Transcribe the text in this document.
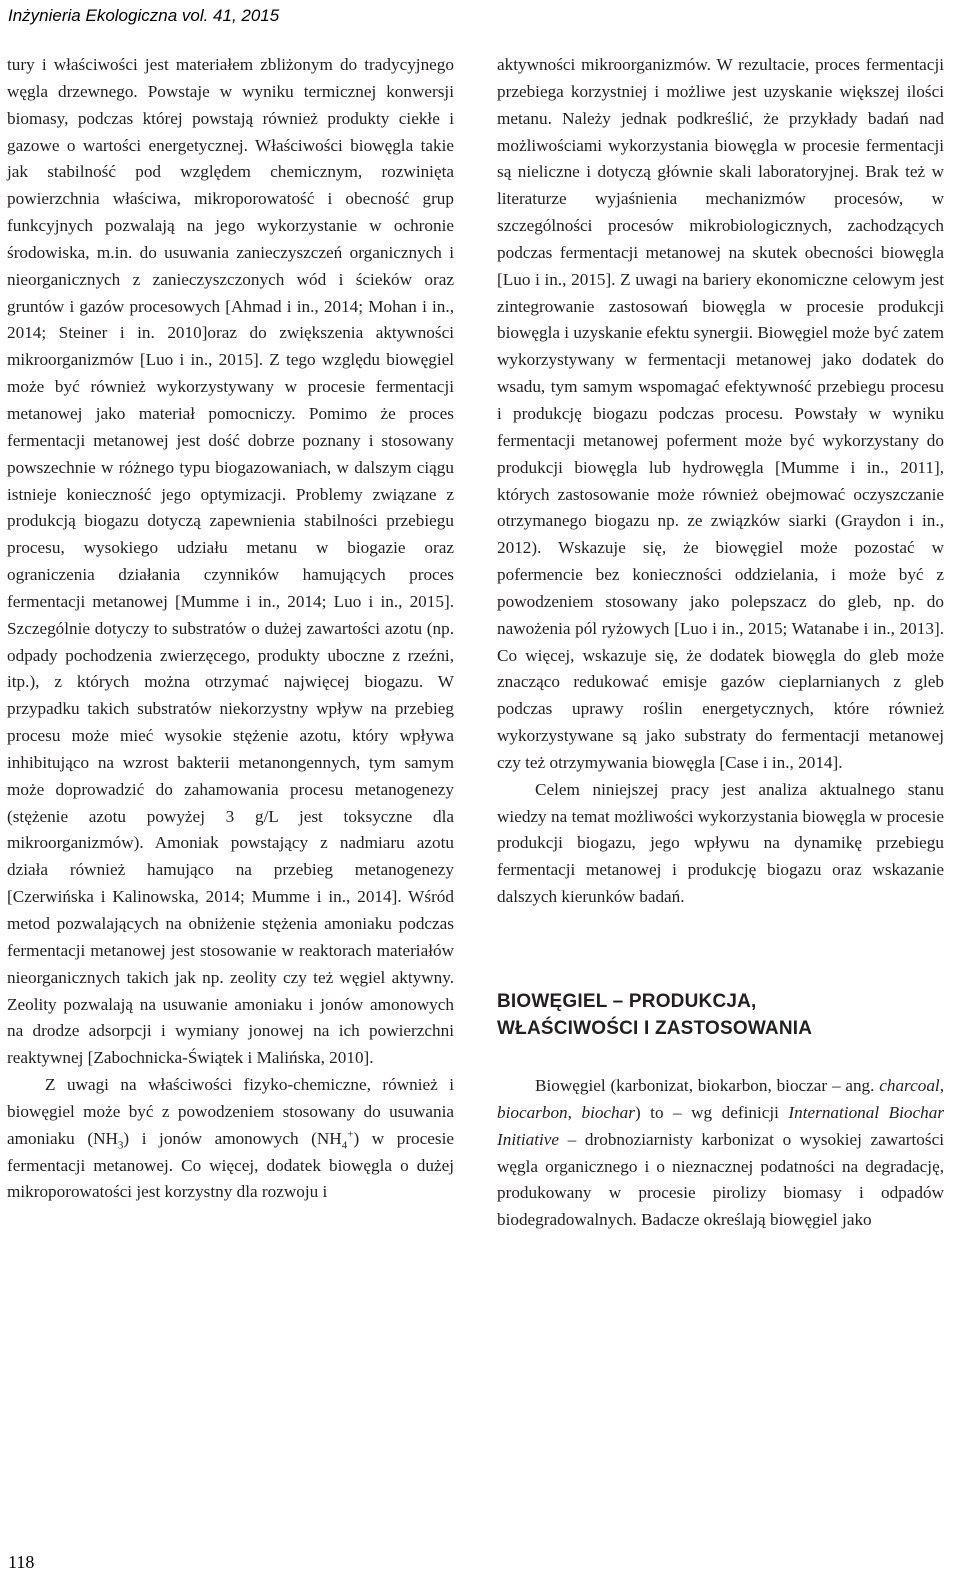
Inżynieria Ekologiczna vol. 41, 2015

tury i właściwości jest materiałem zbliżonym do tradycyjnego węgla drzewnego. Powstaje w wyniku termicznej konwersji biomasy, podczas której powstają również produkty ciekłe i gazowe o wartości energetycznej. Właściwości biowęgla takie jak stabilność pod względem chemicznym, rozwinięta powierzchnia właściwa, mikroporowatość i obecność grup funkcyjnych pozwalają na jego wykorzystanie w ochronie środowiska, m.in. do usuwania zanieczyszczeń organicznych i nieorganicznych z zanieczyszczonych wód i ścieków oraz gruntów i gazów procesowych [Ahmad i in., 2014; Mohan i in., 2014; Steiner i in. 2010]oraz do zwiększenia aktywności mikroorganizmów [Luo i in., 2015]. Z tego względu biowęgiel może być również wykorzystywany w procesie fermentacji metanowej jako materiał pomocniczy. Pomimo że proces fermentacji metanowej jest dość dobrze poznany i stosowany powszechnie w różnego typu biogazowaniach, w dalszym ciągu istnieje konieczność jego optymizacji. Problemy związane z produkcją biogazu dotyczą zapewnienia stabilności przebiegu procesu, wysokiego udziału metanu w biogazie oraz ograniczenia działania czynników hamujących proces fermentacji metanowej [Mumme i in., 2014; Luo i in., 2015]. Szczególnie dotyczy to substratów o dużej zawartości azotu (np. odpady pochodzenia zwierzęcego, produkty uboczne z rzeźni, itp.), z których można otrzymać najwięcej biogazu. W przypadku takich substratów niekorzystny wpływ na przebieg procesu może mieć wysokie stężenie azotu, który wpływa inhibitująco na wzrost bakterii metanongennych, tym samym może doprowadzić do zahamowania procesu metanogenezy (stężenie azotu powyżej 3 g/L jest toksyczne dla mikroorganizmów). Amoniak powstający z nadmiaru azotu działa również hamująco na przebieg metanogenezy [Czerwińska i Kalinowska, 2014; Mumme i in., 2014]. Wśród metod pozwalających na obniżenie stężenia amoniaku podczas fermentacji metanowej jest stosowanie w reaktorach materiałów nieorganicznych takich jak np. zeolity czy też węgiel aktywny. Zeolity pozwalają na usuwanie amoniaku i jonów amonowych na drodze adsorpcji i wymiany jonowej na ich powierzchni reaktywnej [Zabochnicka-Świątek i Malińska, 2010].

Z uwagi na właściwości fizyko-chemiczne, również i biowęgiel może być z powodzeniem stosowany do usuwania amoniaku $(NH_3)$ i jonów amonowych $(NH_4^+)$ w procesie fermentacji metanowej. Co więcej, dodatek biowęgla o dużej mikroporowatości jest korzystny dla rozwoju i

aktywności mikroorganizmów. W rezultacie, proces fermentacji przebiega korzystniej i możliwe jest uzyskanie większej ilości metanu. Należy jednak podkreślić, że przykłady badań nad możliwościami wykorzystania biowęgla w procesie fermentacji są nieliczne i dotyczą głównie skali laboratoryjnej. Brak też w literaturze wyjaśnienia mechanizmów procesów, w szczególności procesów mikrobiologicznych, zachodzących podczas fermentacji metanowej na skutek obecności biowęgla [Luo i in., 2015]. Z uwagi na bariery ekonomiczne celowym jest zintegrowanie zastosowań biowęgla w procesie produkcji biowęgla i uzyskanie efektu synergii. Biowęgiel może być zatem wykorzystywany w fermentacji metanowej jako dodatek do wsadu, tym samym wspomagać efektywność przebiegu procesu i produkcję biogazu podczas procesu. Powstały w wyniku fermentacji metanowej poferment może być wykorzystany do produkcji biowęgla lub hydrowęgla [Mumme i in., 2011], których zastosowanie może również obejmować oczyszczanie otrzymanego biogazu np. ze związków siarki (Graydon i in., 2012). Wskazuje się, że biowęgiel może pozostać w pofermencie bez konieczności oddzielania, i może być z powodzeniem stosowany jako polepszacz do gleb, np. do nawożenia pól ryżowych [Luo i in., 2015; Watanabe i in., 2013]. Co więcej, wskazuje się, że dodatek biowęgla do gleb może znacząco redukować emisje gazów cieplarnianych z gleb podczas uprawy roślin energetycznych, które również wykorzystywane są jako substraty do fermentacji metanowej czy też otrzymywania biowęgla [Case i in., 2014].

Celem niniejszej pracy jest analiza aktualnego stanu wiedzy na temat możliwości wykorzystania biowęgla w procesie produkcji biogazu, jego wpływu na dynamikę przebiegu fermentacji metanowej i produkcję biogazu oraz wskazanie dalszych kierunków badań.

BIOWĘGIEL – PRODUKCJA,
WŁAŚCIWOŚCI I ZASTOSOWANIA

Biowęgiel (karbonizat, biokarbon, bioczar – ang. charcoal, biocarbon, biochar) to – wg definicji International Biochar Initiative – drobnoziarnisty karbonizat o wysokiej zawartości węgla organicznego i o nieznacznej podatności na degradację, produkowany w procesie pirolizy biomasy i odpadów biodegradowalnych. Badacze określają biowęgiel jako

118
